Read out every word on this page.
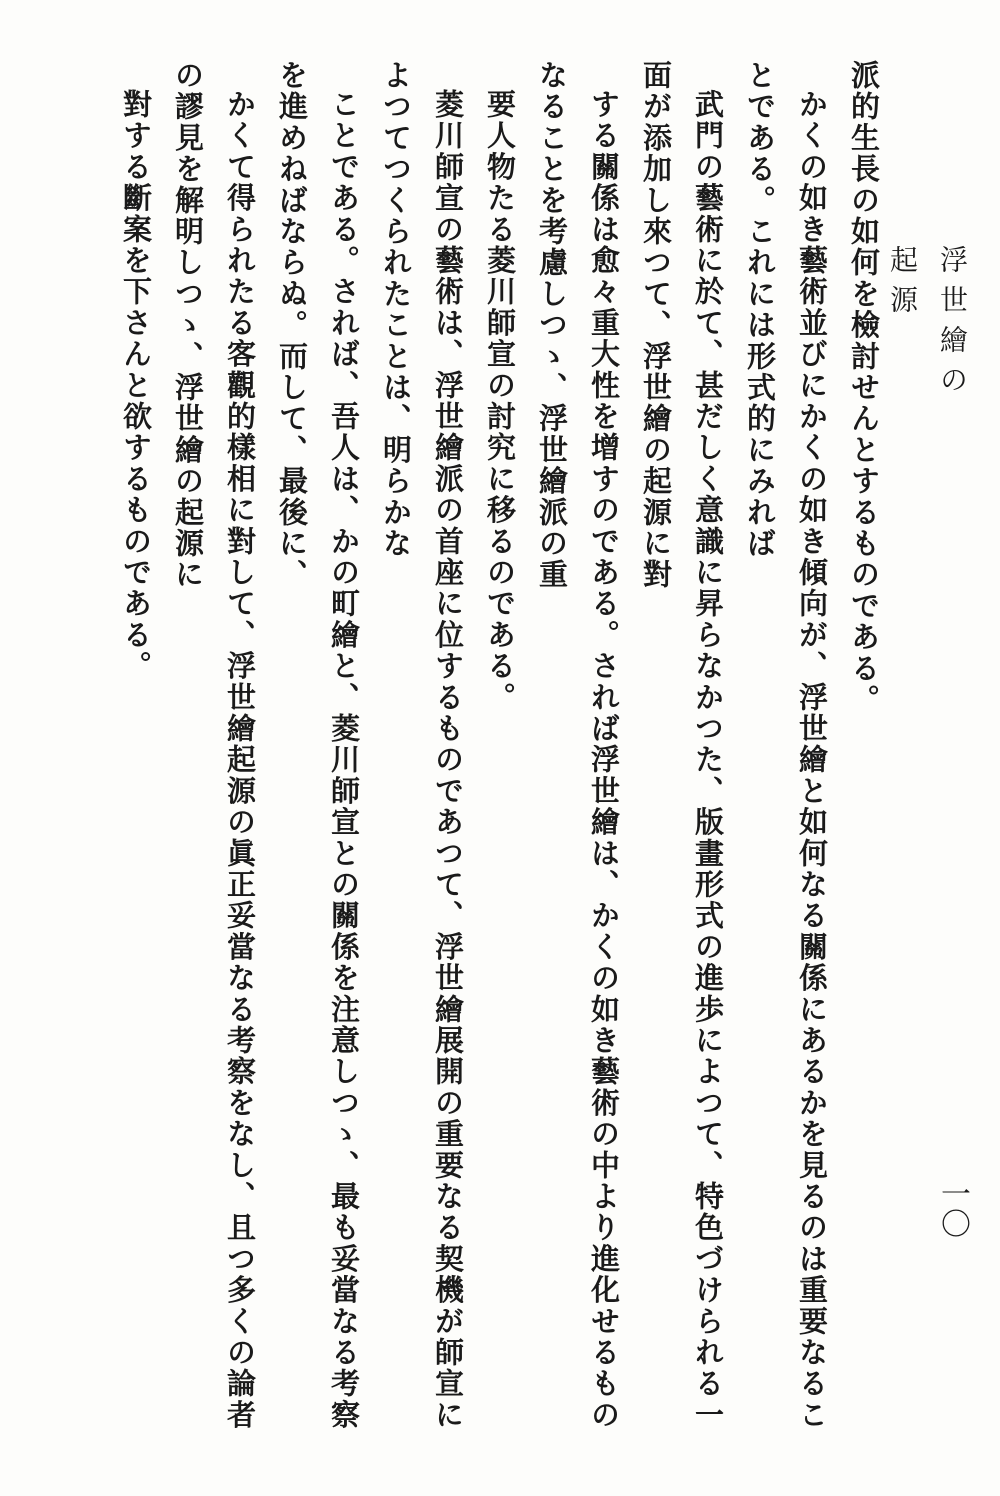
浮世繪の起源
一〇

派的生長の如何を檢討せんとするものである。

かくの如き藝術並びにかくの如き傾向が、浮世繪と如何なる關係にあるかを見るのは重要なることである。これには形式的にみれば
武門の藝術に於て、甚だしく意識に昇らなかつた、版畫形式の進歩によつて、特色づけられる一面が添加し來つて、浮世繪の起源に對
する關係は愈々重大性を增すのである。されば浮世繪は、かくの如き藝術の中より進化せるものなることを考慮しつゝ、浮世繪派の重
要人物たる菱川師宣の討究に移るのである。

菱川師宣の藝術は、浮世繪派の首座に位するものであつて、浮世繪展開の重要なる契機が師宣によつてつくられたことは、明らかな
ことである。されば、吾人は、かの町繪と、菱川師宣との關係を注意しつゝ、最も妥當なる考察を進めねばならぬ。而して、最後に、
かくて得られたる客觀的樣相に對して、浮世繪起源の眞正妥當なる考察をなし、且つ多くの論者の謬見を解明しつゝ、浮世繪の起源に
對する斷案を下さんと欲するものである。
